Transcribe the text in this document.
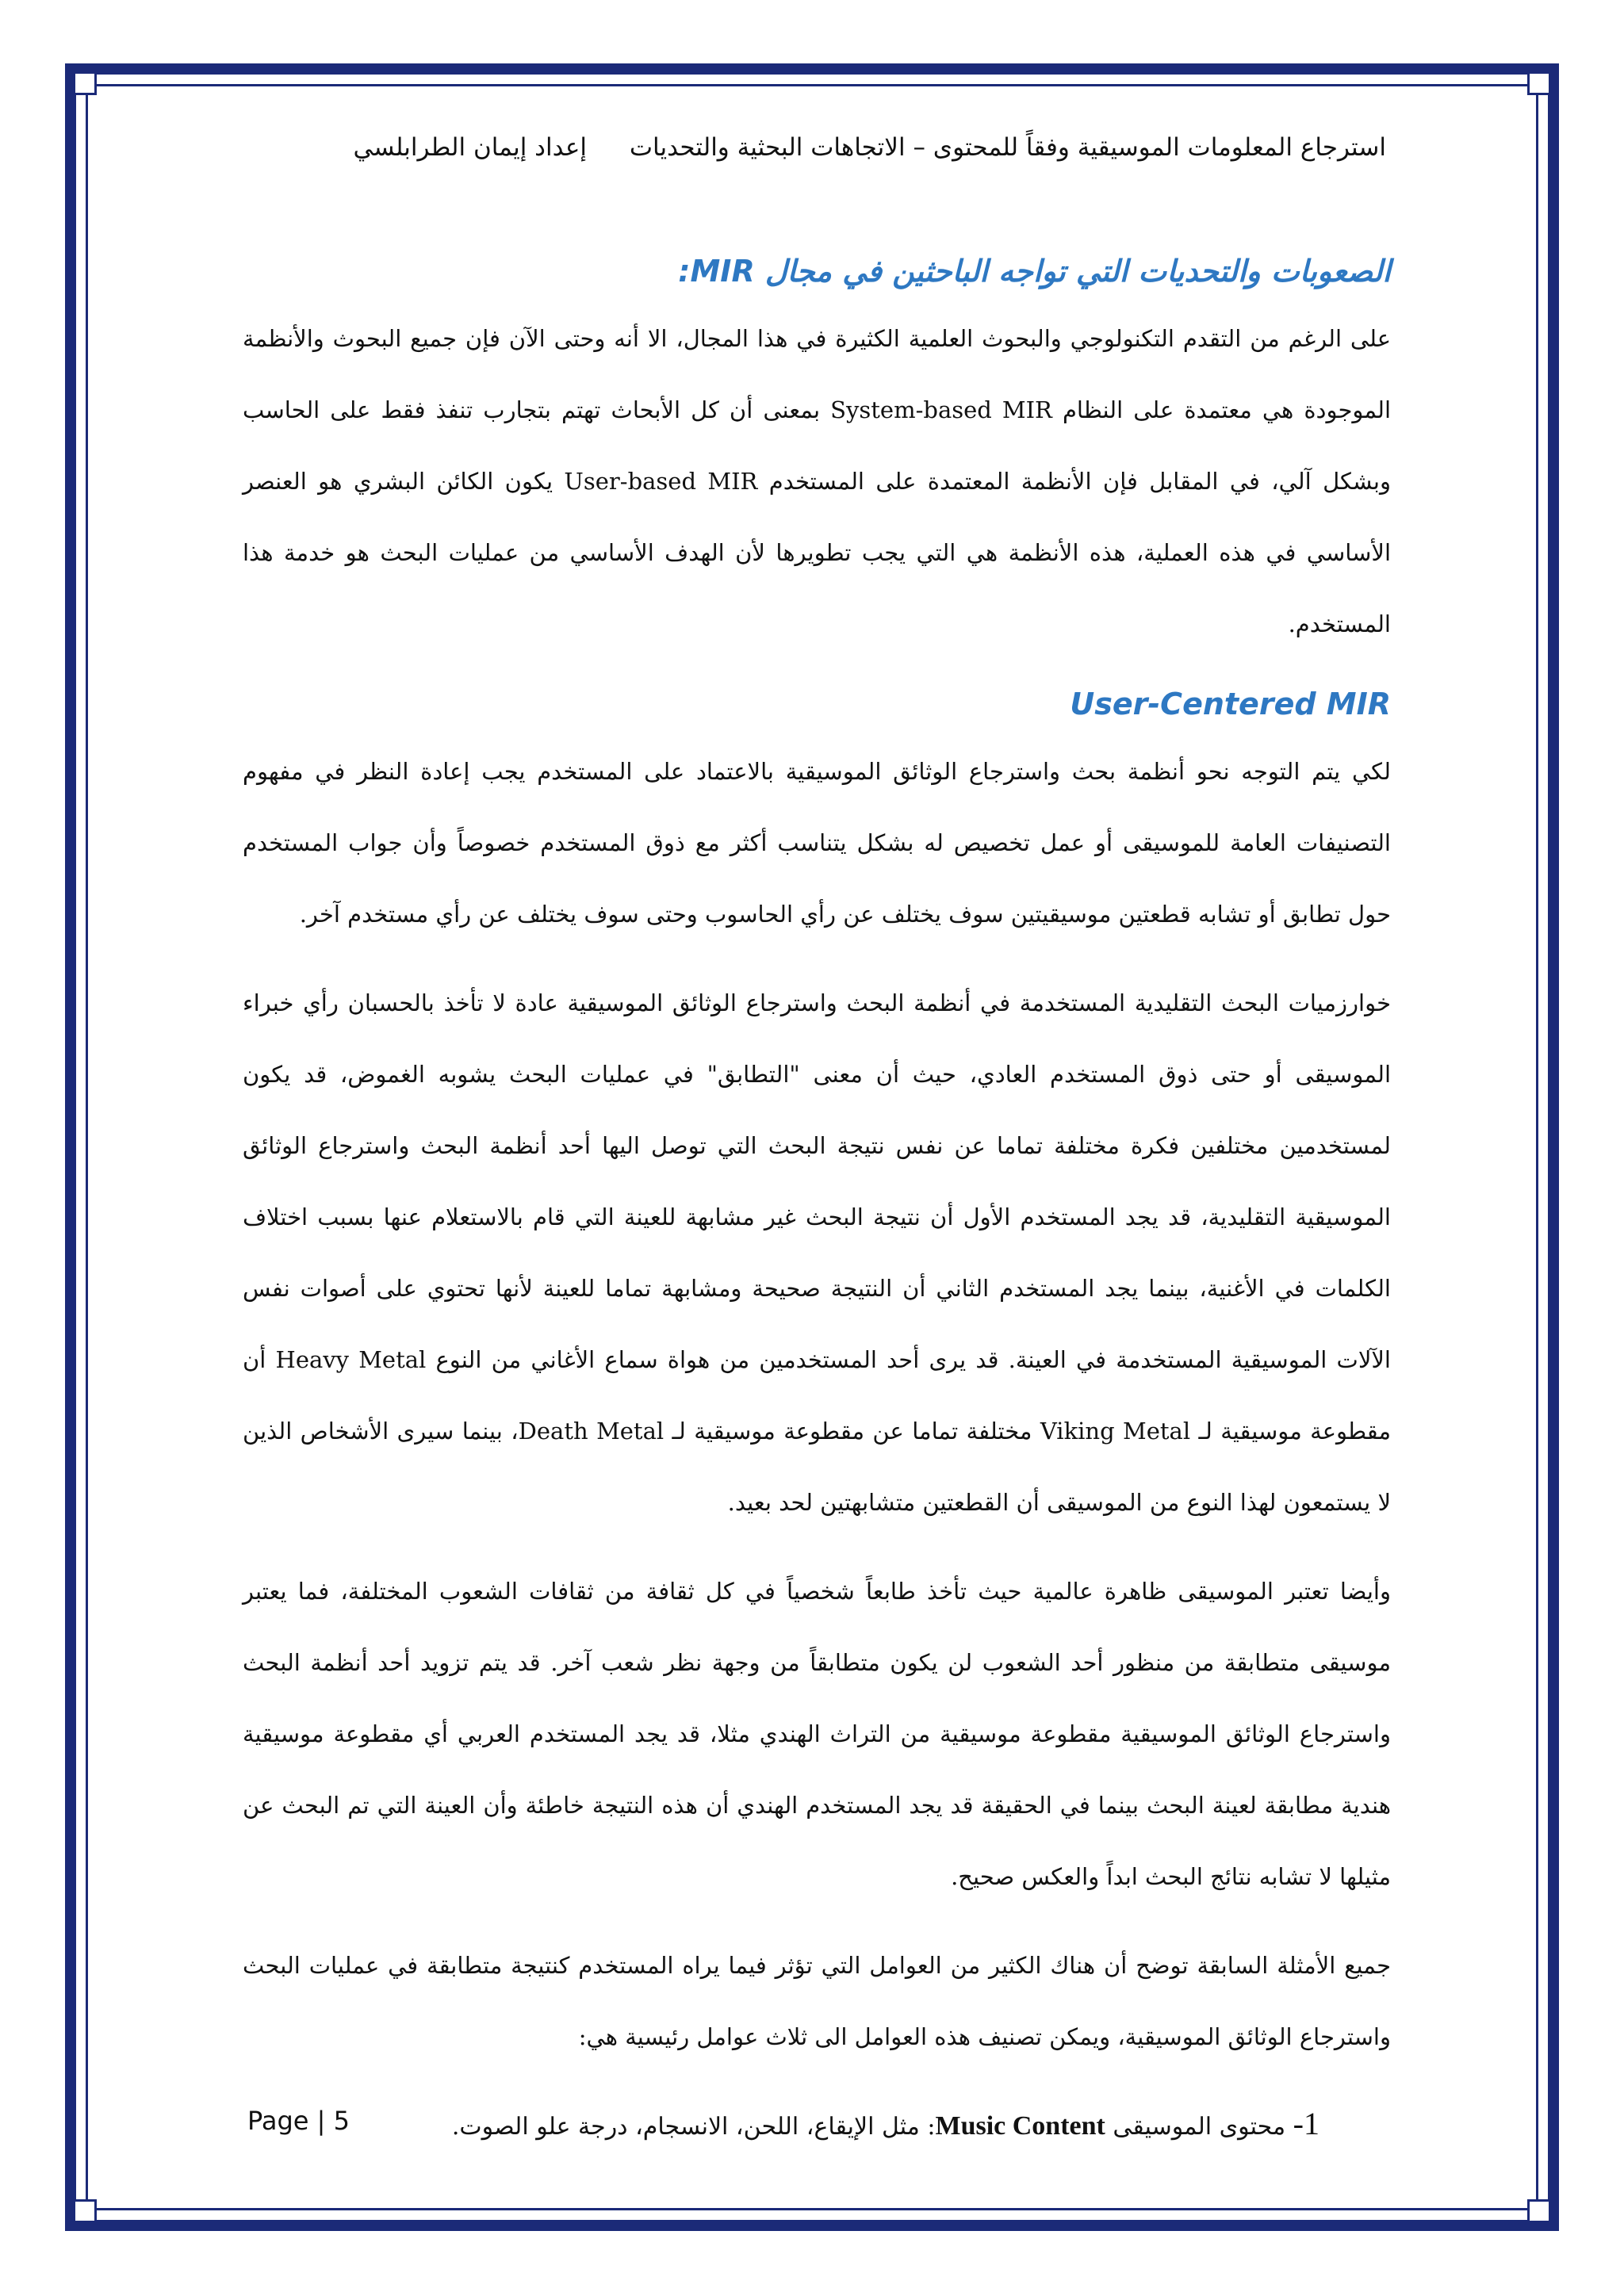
استرجاع المعلومات الموسيقية وفقاً للمحتوى – الاتجاهات البحثية والتحديات إعداد إيمان الطرابلسي
الصعوبات والتحديات التي تواجه الباحثين في مجال MIR:

على الرغم من التقدم التكنولوجي والبحوث العلمية الكثيرة في هذا المجال، الا أنه وحتى الآن فإن جميع البحوث والأنظمة الموجودة هي معتمدة على النظام System-based MIR بمعنى أن كل الأبحاث تهتم بتجارب تنفذ فقط على الحاسب وبشكل آلي، في المقابل فإن الأنظمة المعتمدة على المستخدم User-based MIR يكون الكائن البشري هو العنصر الأساسي في هذه العملية، هذه الأنظمة هي التي يجب تطويرها لأن الهدف الأساسي من عمليات البحث هو خدمة هذا المستخدم.

User-Centered MIR

لكي يتم التوجه نحو أنظمة بحث واسترجاع الوثائق الموسيقية بالاعتماد على المستخدم يجب إعادة النظر في مفهوم التصنيفات العامة للموسيقى أو عمل تخصيص له بشكل يتناسب أكثر مع ذوق المستخدم خصوصاً وأن جواب المستخدم حول تطابق أو تشابه قطعتين موسيقيتين سوف يختلف عن رأي الحاسوب وحتى سوف يختلف عن رأي مستخدم آخر.

خوارزميات البحث التقليدية المستخدمة في أنظمة البحث واسترجاع الوثائق الموسيقية عادة لا تأخذ بالحسبان رأي خبراء الموسيقى أو حتى ذوق المستخدم العادي، حيث أن معنى "التطابق" في عمليات البحث يشوبه الغموض، قد يكون لمستخدمين مختلفين فكرة مختلفة تماما عن نفس نتيجة البحث التي توصل اليها أحد أنظمة البحث واسترجاع الوثائق الموسيقية التقليدية، قد يجد المستخدم الأول أن نتيجة البحث غير مشابهة للعينة التي قام بالاستعلام عنها بسبب اختلاف الكلمات في الأغنية، بينما يجد المستخدم الثاني أن النتيجة صحيحة ومشابهة تماما للعينة لأنها تحتوي على أصوات نفس الآلات الموسيقية المستخدمة في العينة. قد يرى أحد المستخدمين من هواة سماع الأغاني من النوع Heavy Metal أن مقطوعة موسيقية لـ Viking Metal مختلفة تماما عن مقطوعة موسيقية لـ Death Metal، بينما سيرى الأشخاص الذين لا يستمعون لهذا النوع من الموسيقى أن القطعتين متشابهتين لحد بعيد.

وأيضا تعتبر الموسيقى ظاهرة عالمية حيث تأخذ طابعاً شخصياً في كل ثقافة من ثقافات الشعوب المختلفة، فما يعتبر موسيقى متطابقة من منظور أحد الشعوب لن يكون متطابقاً من وجهة نظر شعب آخر. قد يتم تزويد أحد أنظمة البحث واسترجاع الوثائق الموسيقية مقطوعة موسيقية من التراث الهندي مثلا، قد يجد المستخدم العربي أي مقطوعة موسيقية هندية مطابقة لعينة البحث بينما في الحقيقة قد يجد المستخدم الهندي أن هذه النتيجة خاطئة وأن العينة التي تم البحث عن مثيلها لا تشابه نتائج البحث ابداً والعكس صحيح.

جميع الأمثلة السابقة توضح أن هناك الكثير من العوامل التي تؤثر فيما يراه المستخدم كنتيجة متطابقة في عمليات البحث واسترجاع الوثائق الموسيقية، ويمكن تصنيف هذه العوامل الى ثلاث عوامل رئيسية هي:

1- محتوى الموسيقى Music Content: مثل الإيقاع، اللحن، الانسجام، درجة علو الصوت.
Page | 5
